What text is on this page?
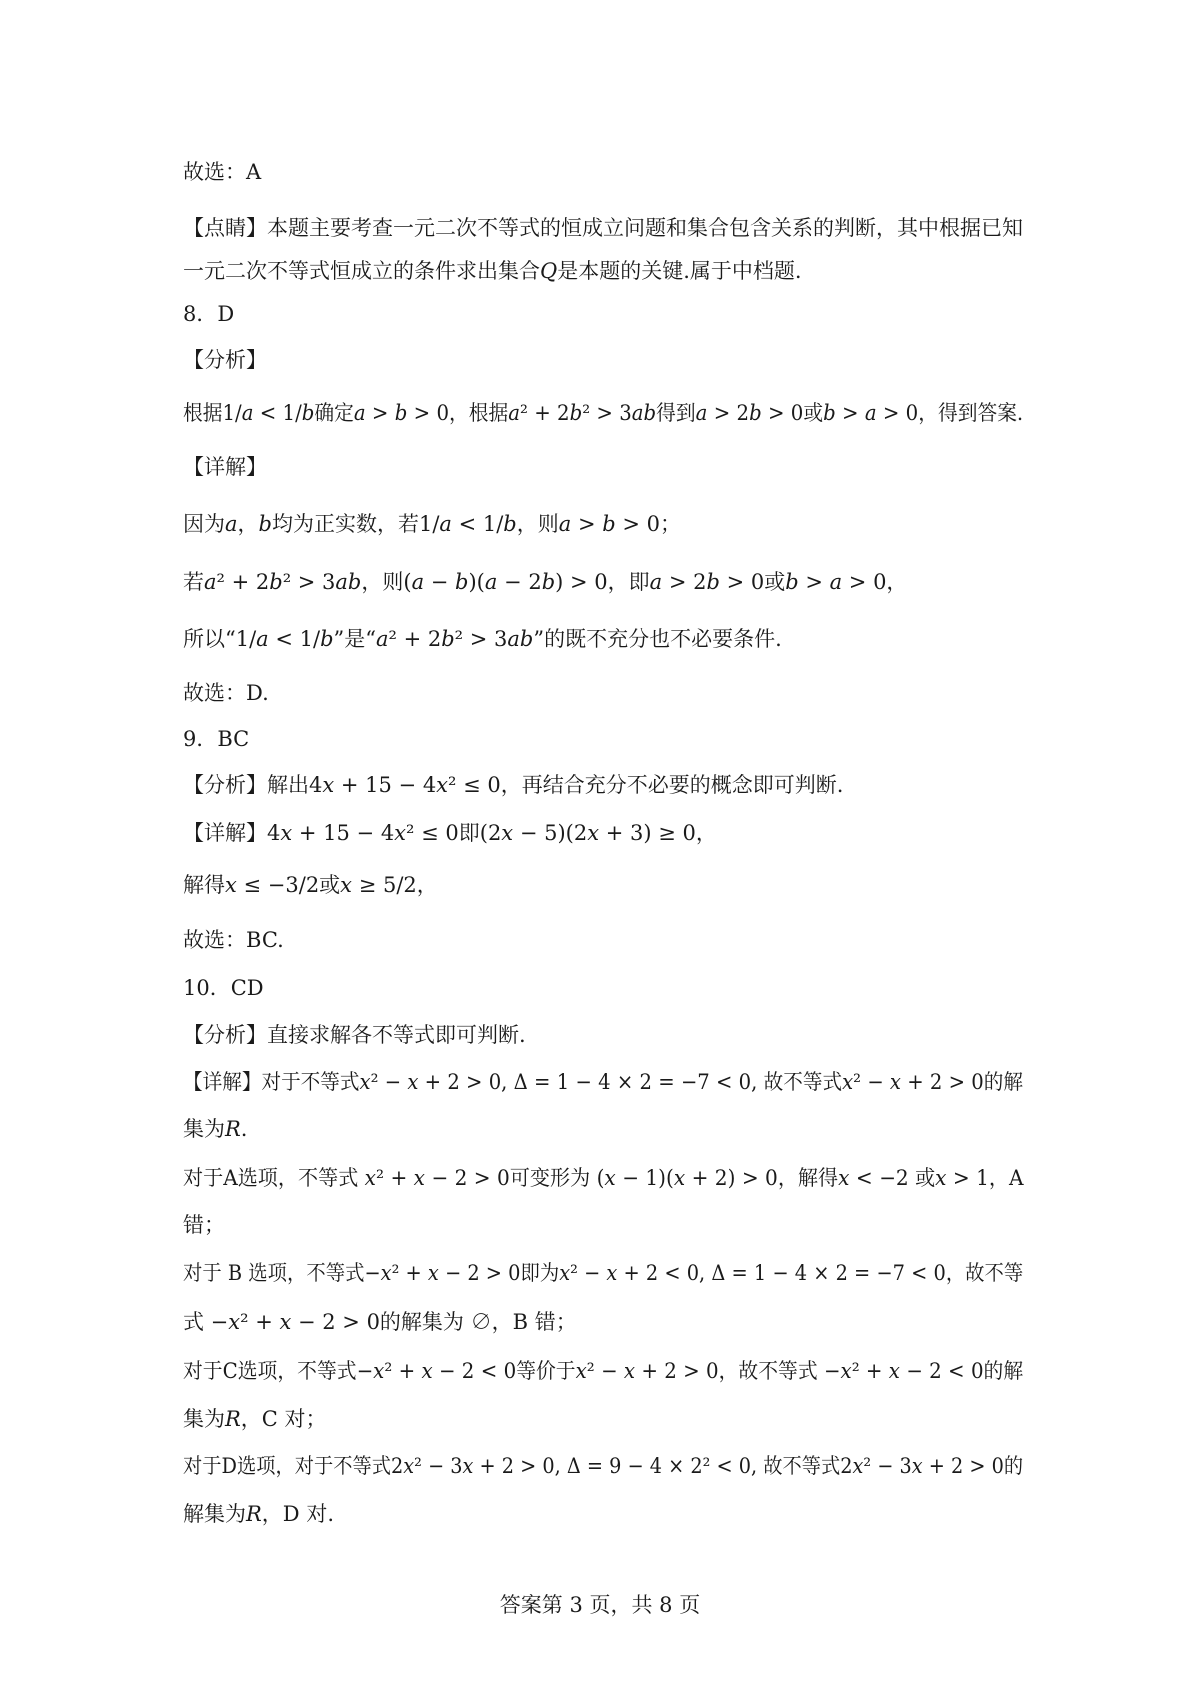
故选：A
【点睛】本题主要考查一元二次不等式的恒成立问题和集合包含关系的判断，其中根据已知
一元二次不等式恒成立的条件求出集合𝑄是本题的关键.属于中档题.
8．D
【分析】
根据1/𝑎 < 1/𝑏确定𝑎 > 𝑏 > 0，根据𝑎² + 2𝑏² > 3𝑎𝑏得到𝑎 > 2𝑏 > 0或𝑏 > 𝑎 > 0，得到答案.
【详解】
因为𝑎，𝑏均为正实数，若1/𝑎 < 1/𝑏，则𝑎 > 𝑏 > 0；
若𝑎² + 2𝑏² > 3𝑎𝑏，则(𝑎 − 𝑏)(𝑎 − 2𝑏) > 0，即𝑎 > 2𝑏 > 0或𝑏 > 𝑎 > 0，
所以“1/𝑎 < 1/𝑏”是“𝑎² + 2𝑏² > 3𝑎𝑏”的既不充分也不必要条件.
故选：D.
9．BC
【分析】解出4𝑥 + 15 − 4𝑥² ≤ 0，再结合充分不必要的概念即可判断.
【详解】4𝑥 + 15 − 4𝑥² ≤ 0即(2𝑥 − 5)(2𝑥 + 3) ≥ 0，
解得𝑥 ≤ −3/2或𝑥 ≥ 5/2，
故选：BC.
10．CD
【分析】直接求解各不等式即可判断.
【详解】对于不等式𝑥² − 𝑥 + 2 > 0, Δ = 1 − 4 × 2 = −7 < 0, 故不等式𝑥² − 𝑥 + 2 > 0的解
集为𝑅.
对于A选项，不等式 𝑥² + 𝑥 − 2 > 0可变形为 (𝑥 − 1)(𝑥 + 2) > 0，解得𝑥 < −2 或𝑥 > 1，A
错；
对于 B 选项，不等式−𝑥² + 𝑥 − 2 > 0即为𝑥² − 𝑥 + 2 < 0, Δ = 1 − 4 × 2 = −7 < 0，故不等
式 −𝑥² + 𝑥 − 2 > 0的解集为 ∅，B 错；
对于C选项，不等式−𝑥² + 𝑥 − 2 < 0等价于𝑥² − 𝑥 + 2 > 0，故不等式 −𝑥² + 𝑥 − 2 < 0的解
集为𝑅，C 对；
对于D选项，对于不等式2𝑥² − 3𝑥 + 2 > 0, Δ = 9 − 4 × 2² < 0, 故不等式2𝑥² − 3𝑥 + 2 > 0的
解集为𝑅，D 对.
答案第 3 页，共 8 页
